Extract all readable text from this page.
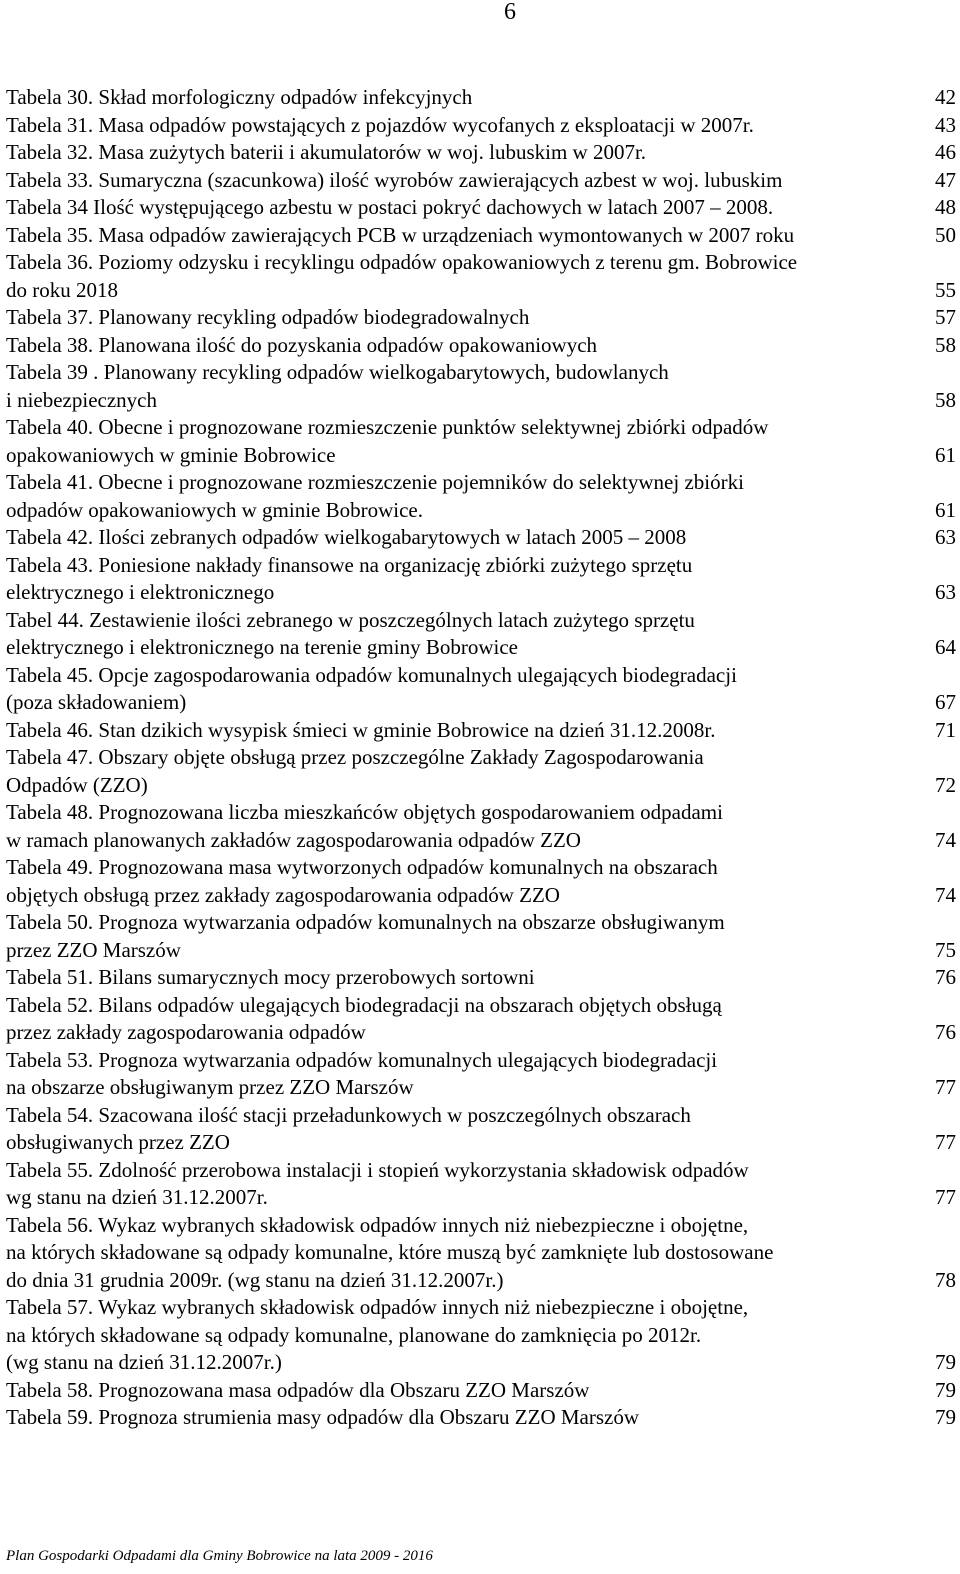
6
Tabela 30. Skład morfologiczny odpadów infekcyjnych	42
Tabela 31. Masa odpadów powstających z pojazdów wycofanych z eksploatacji w 2007r.	43
Tabela 32. Masa zużytych baterii i akumulatorów w woj. lubuskim w 2007r.	46
Tabela 33. Sumaryczna (szacunkowa) ilość wyrobów zawierających azbest w woj. lubuskim	47
Tabela 34 Ilość występującego azbestu w postaci pokryć dachowych w latach 2007 – 2008.	48
Tabela 35. Masa odpadów zawierających PCB w urządzeniach wymontowanych w 2007 roku	50
Tabela 36. Poziomy odzysku i recyklingu odpadów opakowaniowych z terenu gm. Bobrowice
do roku 2018	55
Tabela 37. Planowany recykling odpadów biodegradowalnych	57
Tabela 38. Planowana ilość do pozyskania odpadów opakowaniowych	58
Tabela 39 . Planowany recykling odpadów wielkogabarytowych, budowlanych
i niebezpiecznych	58
Tabela 40. Obecne i prognozowane rozmieszczenie punktów selektywnej zbiórki odpadów
opakowaniowych w gminie Bobrowice	61
Tabela 41. Obecne i prognozowane rozmieszczenie pojemników do selektywnej zbiórki
odpadów opakowaniowych w gminie Bobrowice.	61
Tabela 42. Ilości zebranych odpadów wielkogabarytowych w latach 2005 – 2008	63
Tabela 43. Poniesione nakłady finansowe na organizację zbiórki zużytego sprzętu
elektrycznego i elektronicznego	63
Tabel 44. Zestawienie ilości zebranego w poszczególnych latach zużytego sprzętu
elektrycznego i elektronicznego na terenie gminy Bobrowice	64
Tabela 45. Opcje zagospodarowania odpadów komunalnych ulegających biodegradacji
(poza składowaniem)	67
Tabela 46. Stan dzikich wysypisk śmieci w gminie Bobrowice na dzień 31.12.2008r.	71
Tabela 47. Obszary objęte obsługą przez poszczególne Zakłady Zagospodarowania
Odpadów (ZZO)	72
Tabela 48. Prognozowana liczba mieszkańców objętych gospodarowaniem odpadami
w ramach planowanych zakładów zagospodarowania odpadów ZZO	74
Tabela 49. Prognozowana masa wytworzonych odpadów komunalnych na obszarach
objętych obsługą przez zakłady zagospodarowania odpadów ZZO	74
Tabela 50. Prognoza wytwarzania odpadów komunalnych na obszarze obsługiwanym
przez ZZO Marszów	75
Tabela 51. Bilans sumarycznych mocy przerobowych sortowni	76
Tabela 52. Bilans odpadów ulegających biodegradacji na obszarach objętych obsługą
przez zakłady zagospodarowania odpadów	76
Tabela 53. Prognoza wytwarzania odpadów komunalnych ulegających biodegradacji
na obszarze obsługiwanym przez ZZO Marszów	77
Tabela 54. Szacowana ilość stacji przeładunkowych w poszczególnych obszarach
obsługiwanych przez ZZO	77
Tabela 55. Zdolność przerobowa instalacji i stopień wykorzystania składowisk odpadów
wg stanu na dzień 31.12.2007r.	77
Tabela 56. Wykaz wybranych składowisk odpadów innych niż niebezpieczne i obojętne,
na których składowane są odpady komunalne, które muszą być zamknięte lub dostosowane
do dnia 31 grudnia 2009r. (wg stanu na dzień 31.12.2007r.)	78
Tabela 57. Wykaz wybranych składowisk odpadów innych niż niebezpieczne i obojętne,
na których składowane są odpady komunalne, planowane do zamknięcia po 2012r.
(wg stanu na dzień 31.12.2007r.)	79
Tabela 58. Prognozowana masa odpadów dla Obszaru ZZO Marszów	79
Tabela 59. Prognoza strumienia masy odpadów dla Obszaru ZZO Marszów	79
Plan Gospodarki Odpadami dla Gminy Bobrowice na lata 2009 - 2016
